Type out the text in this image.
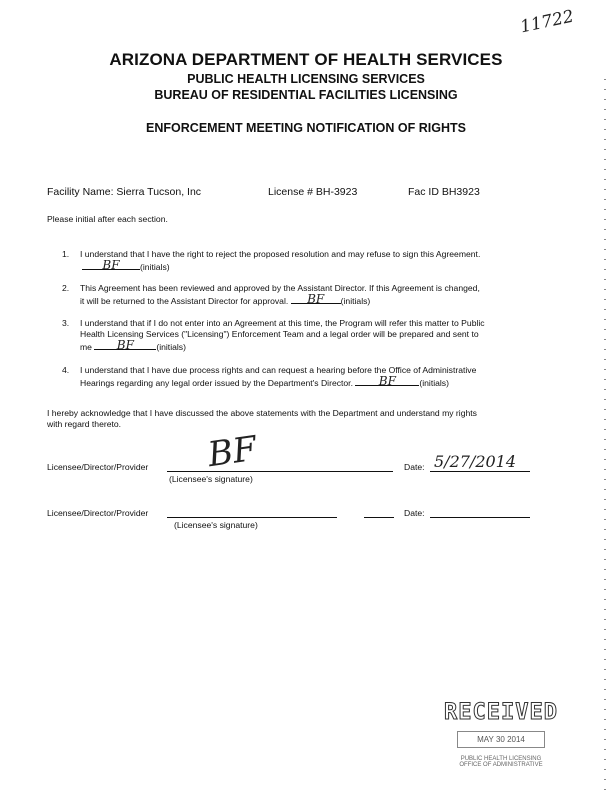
11722
ARIZONA DEPARTMENT OF HEALTH SERVICES
PUBLIC HEALTH LICENSING SERVICES
BUREAU OF RESIDENTIAL FACILITIES LICENSING
ENFORCEMENT MEETING NOTIFICATION OF RIGHTS
Facility Name: Sierra Tucson, Inc	License # BH-3923	Fac ID BH3923
Please initial after each section.
1. I understand that I have the right to reject the proposed resolution and may refuse to sign this Agreement.
BF (initials)
2. This Agreement has been reviewed and approved by the Assistant Director. If this Agreement is changed,
it will be returned to the Assistant Director for approval. BF (initials)
3. I understand that if I do not enter into an Agreement at this time, the Program will refer this matter to Public
Health Licensing Services ("Licensing") Enforcement Team and a legal order will be prepared and sent to
me BF	(initials)
4. I understand that I have due process rights and can request a hearing before the Office of Administrative
Hearings regarding any legal order issued by the Department's Director. BF	(initials)
I hereby acknowledge that I have discussed the above statements with the Department and understand my rights
with regard thereto.
Licensee/Director/Provider BF
(Licensee's signature)
Date: 5/27/2014
Licensee/Director/Provider
(Licensee's signature)
Date:
RECEIVED
MAY 30 2014
PUBLIC HEALTH LICENSING
OFFICE OF ADMINISTRATIVE
